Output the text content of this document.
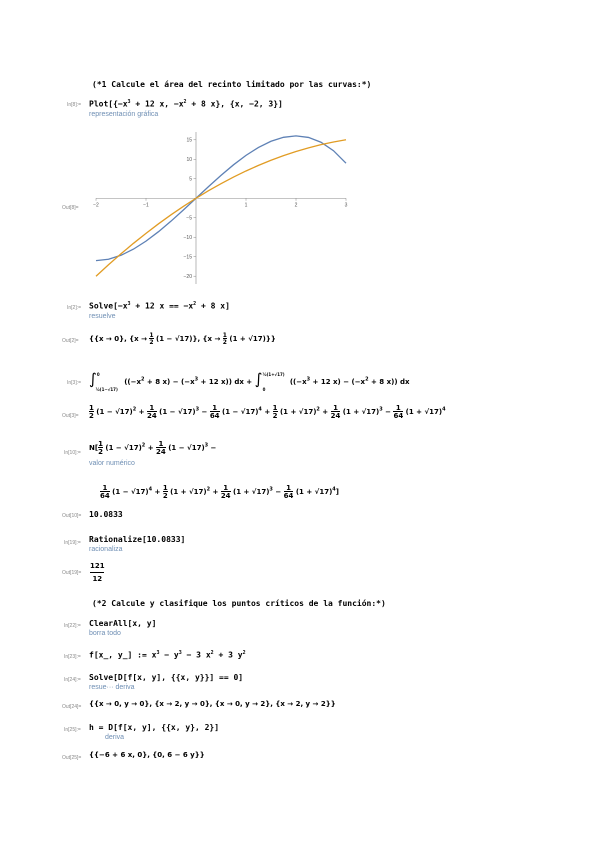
(*1 Calcule el área del recinto limitado por las curvas:*)
In[8]:= $Plot[\{-x^3 + 12$ x, $-x^2 + 8$ x}, {x, −2, 3}]
representación gráfica
Out[8]=	−2	−1	1	2	3
−20
−15
−10
−5
5
10
15
In[2]:= $Solve[-x^3 + 12$ $x == -x^2 + 8$ x]
resuelve
Out[2]= {{x → 0}, $\{x \to \frac{1}{2} (1 - √17)\}$, $\{x \to \frac{1}{2} (1 + √17)\}$}
In[3]:= ∫$^0_{\frac{1}{2}(1-√17)}$ (($-x^2 + 8$ $x) - (-x^3 + 12$ x)) dx + ∫$^{\frac{1}{2}(1+√17)}_0$ (($-x^3 + 12$ $x) - (-x^2 + 8$ x)) dx
$Out[3]= \frac{1}{2} (1 - √17)^2 + \frac{1}{24} (1 - √17)^3 - \frac{1}{64} (1 - √17)^4 + \frac{1}{2} (1 + √17)^2 + \frac{1}{24} (1 + √17)^3 - \frac{1}{64} (1 + √17)^4$
In[10]:=
$N[\frac{1}{2} (1 - √17)^2 + \frac{1}{24} (1 - √17)^3$ −
valor numérico
$\frac{1}{64} (1 - √17)^4 + \frac{1}{2} (1 + √17)^2 + \frac{1}{24} (1 + √17)^3 - \frac{1}{64} (1 + √17)^4$]
Out[10]= 10.0833
In[19]:= Rationalize[10.0833]
racionaliza
$Out[19]= \frac{121}{12}$
(*2 Calcule y clasifique los puntos críticos de la función:*)
In[22]:= ClearAll[x, y]
borra todo
In[23]:= f[x_, y_] := $x^3 - y^3 - 3$ $x^2 + 3$ $y^2$
In[24]:= Solve[D[f[x, y], {{x, y}}] == 0]
resue··· deriva
Out[24]= {{x → 0, y → 0}, {x → 2, y → 0}, {x → 0, y → 2}, {x → 2, y → 2}}
In[25]:= h = D[f[x, y], {{x, y}, 2}]
deriva
Out[25]= {{−6 + 6 x, 0}, {0, 6 − 6 y}}
